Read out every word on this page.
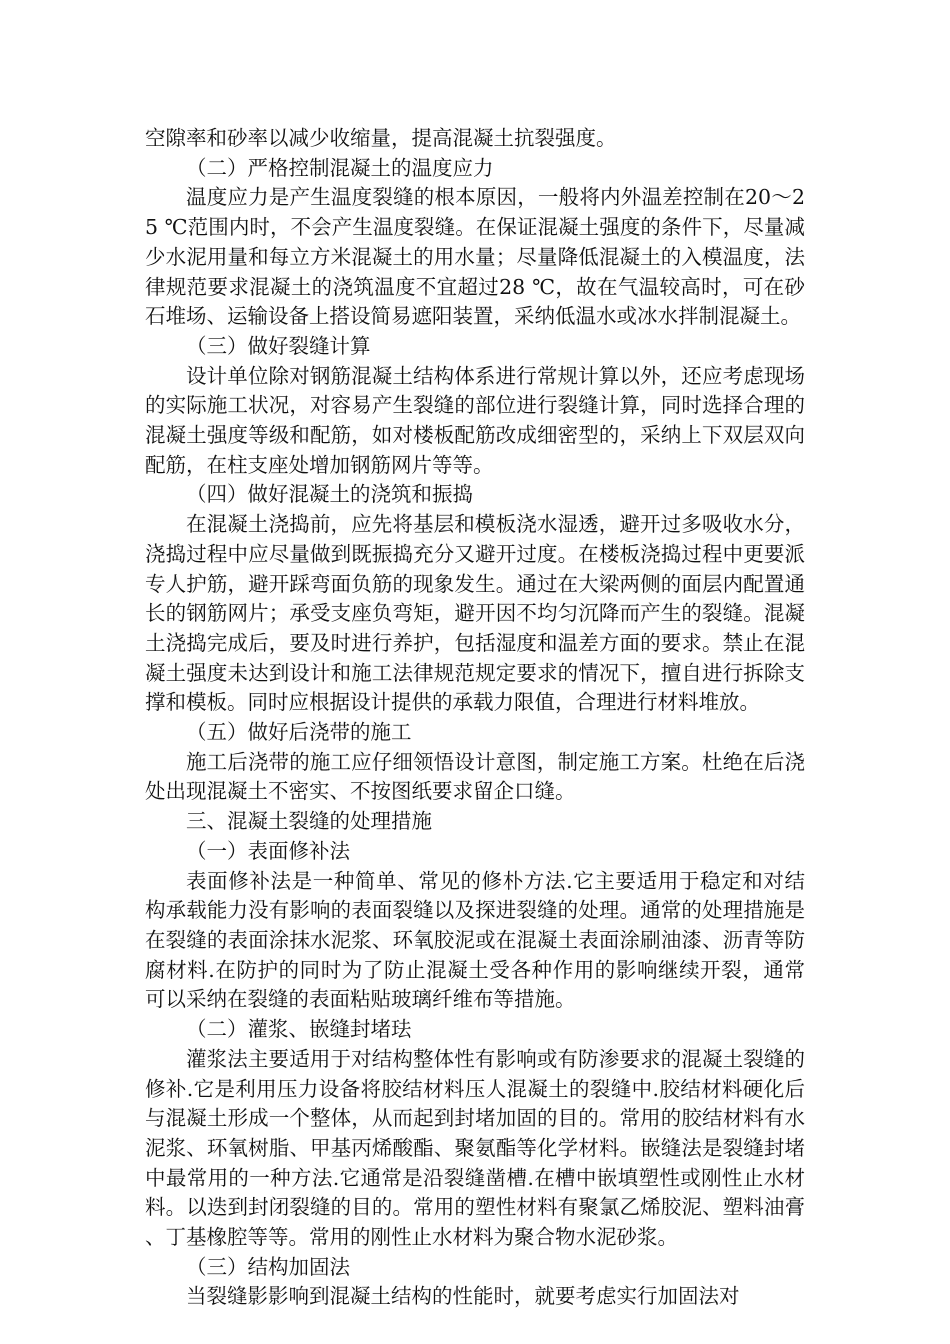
空隙率和砂率以减少收缩量，提高混凝土抗裂强度。

（二）严格控制混凝土的温度应力

温度应力是产生温度裂缝的根本原因，一般将内外温差控制在20～25 ℃范围内时，不会产生温度裂缝。在保证混凝土强度的条件下，尽量减少水泥用量和每立方米混凝土的用水量；尽量降低混凝土的入模温度，法律规范要求混凝土的浇筑温度不宜超过28 ℃，故在气温较高时，可在砂石堆场、运输设备上搭设简易遮阳装置，采纳低温水或冰水拌制混凝土。

（三）做好裂缝计算

设计单位除对钢筋混凝土结构体系进行常规计算以外，还应考虑现场的实际施工状况，对容易产生裂缝的部位进行裂缝计算，同时选择合理的混凝土强度等级和配筋，如对楼板配筋改成细密型的，采纳上下双层双向配筋，在柱支座处增加钢筋网片等等。

（四）做好混凝土的浇筑和振捣

在混凝土浇捣前，应先将基层和模板浇水湿透，避开过多吸收水分，浇捣过程中应尽量做到既振捣充分又避开过度。在楼板浇捣过程中更要派专人护筋，避开踩弯面负筋的现象发生。通过在大梁两侧的面层内配置通长的钢筋网片；承受支座负弯矩，避开因不均匀沉降而产生的裂缝。混凝土浇捣完成后，要及时进行养护，包括湿度和温差方面的要求。禁止在混凝土强度未达到设计和施工法律规范规定要求的情况下，擅自进行拆除支撑和模板。同时应根据设计提供的承载力限值，合理进行材料堆放。

（五）做好后浇带的施工

施工后浇带的施工应仔细领悟设计意图，制定施工方案。杜绝在后浇处出现混凝土不密实、不按图纸要求留企口缝。

三、混凝土裂缝的处理措施

（一）表面修补法

表面修补法是一种简单、常见的修朴方法.它主要适用于稳定和对结构承载能力没有影响的表面裂缝以及探进裂缝的处理。通常的处理措施是在裂缝的表面涂抹水泥浆、环氧胶泥或在混凝土表面涂刷油漆、沥青等防腐材料.在防护的同时为了防止混凝土受各种作用的影响继续开裂，通常可以采纳在裂缝的表面粘贴玻璃纤维布等措施。

（二）灌浆、嵌缝封堵珐

灌浆法主要适用于对结构整体性有影响或有防渗要求的混凝土裂缝的修补.它是利用压力设备将胶结材料压人混凝土的裂缝中.胶结材料硬化后与混凝土形成一个整体，从而起到封堵加固的目的。常用的胶结材料有水泥浆、环氧树脂、甲基丙烯酸酯、聚氨酯等化学材料。嵌缝法是裂缝封堵中最常用的一种方法.它通常是沿裂缝凿槽.在槽中嵌填塑性或刚性止水材料。以迭到封闭裂缝的目的。常用的塑性材料有聚氯乙烯胶泥、塑料油膏、丁基橡腔等等。常用的刚性止水材料为聚合物水泥砂浆。

（三）结构加固法

当裂缝影影响到混凝土结构的性能时，就要考虑实行加固法对
